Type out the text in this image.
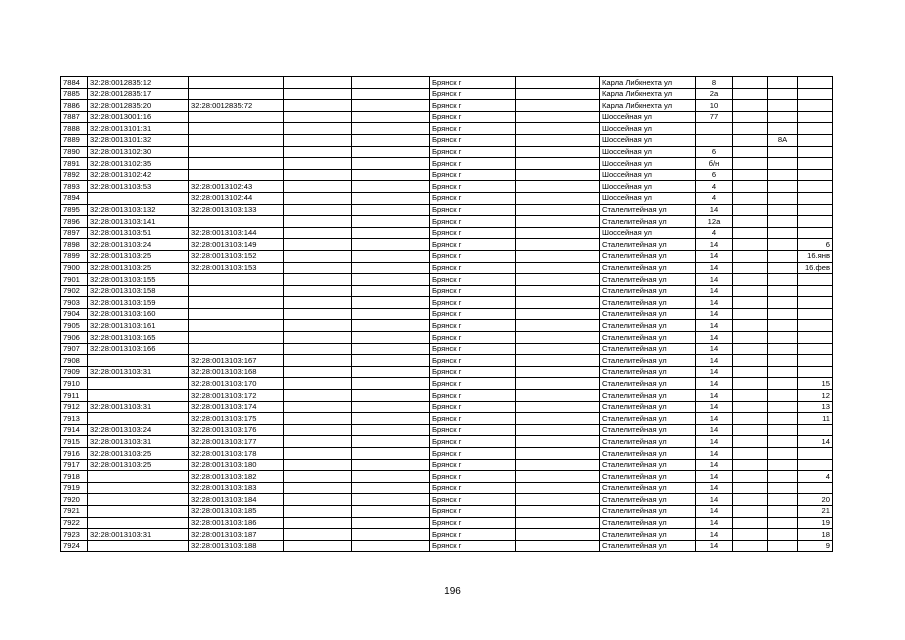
7884	32:28:0012835:12				Брянск г		Карла Либкнехта ул	8			
7885	32:28:0012835:17				Брянск г		Карла Либкнехта ул	2а			
7886	32:28:0012835:20	32:28:0012835:72			Брянск г		Карла Либкнехта ул	10			
7887	32:28:0013001:16				Брянск г		Шоссейная ул	77			
7888	32:28:0013101:31				Брянск г		Шоссейная ул				
7889	32:28:0013101:32				Брянск г		Шоссейная ул			8А	
7890	32:28:0013102:30				Брянск г		Шоссейная ул	6			
7891	32:28:0013102:35				Брянск г		Шоссейная ул	б/н			
7892	32:28:0013102:42				Брянск г		Шоссейная ул	6			
7893	32:28:0013103:53	32:28:0013102:43			Брянск г		Шоссейная ул	4			
7894		32:28:0013102:44			Брянск г		Шоссейная ул	4			
7895	32:28:0013103:132	32:28:0013103:133			Брянск г		Сталелитейная ул	14			
7896	32:28:0013103:141				Брянск г		Сталелитейная ул	12а			
7897	32:28:0013103:51	32:28:0013103:144			Брянск г		Шоссейная ул	4			
7898	32:28:0013103:24	32:28:0013103:149			Брянск г		Сталелитейная ул	14			6
7899	32:28:0013103:25	32:28:0013103:152			Брянск г		Сталелитейная ул	14			16.янв
7900	32:28:0013103:25	32:28:0013103:153			Брянск г		Сталелитейная ул	14			16.фев
7901	32:28:0013103:155				Брянск г		Сталелитейная ул	14			
7902	32:28:0013103:158				Брянск г		Сталелитейная ул	14			
7903	32:28:0013103:159				Брянск г		Сталелитейная ул	14			
7904	32:28:0013103:160				Брянск г		Сталелитейная ул	14			
7905	32:28:0013103:161				Брянск г		Сталелитейная ул	14			
7906	32:28:0013103:165				Брянск г		Сталелитейная ул	14			
7907	32:28:0013103:166				Брянск г		Сталелитейная ул	14			
7908		32:28:0013103:167			Брянск г		Сталелитейная ул	14			
7909	32:28:0013103:31	32:28:0013103:168			Брянск г		Сталелитейная ул	14			
7910		32:28:0013103:170			Брянск г		Сталелитейная ул	14			15
7911		32:28:0013103:172			Брянск г		Сталелитейная ул	14			12
7912	32:28:0013103:31	32:28:0013103:174			Брянск г		Сталелитейная ул	14			13
7913		32:28:0013103:175			Брянск г		Сталелитейная ул	14			11
7914	32:28:0013103:24	32:28:0013103:176			Брянск г		Сталелитейная ул	14			
7915	32:28:0013103:31	32:28:0013103:177			Брянск г		Сталелитейная ул	14			14
7916	32:28:0013103:25	32:28:0013103:178			Брянск г		Сталелитейная ул	14			
7917	32:28:0013103:25	32:28:0013103:180			Брянск г		Сталелитейная ул	14			
7918		32:28:0013103:182			Брянск г		Сталелитейная ул	14			4
7919		32:28:0013103:183			Брянск г		Сталелитейная ул	14			
7920		32:28:0013103:184			Брянск г		Сталелитейная ул	14			20
7921		32:28:0013103:185			Брянск г		Сталелитейная ул	14			21
7922		32:28:0013103:186			Брянск г		Сталелитейная ул	14			19
7923	32:28:0013103:31	32:28:0013103:187			Брянск г		Сталелитейная ул	14			18
7924		32:28:0013103:188			Брянск г		Сталелитейная ул	14			9
196
